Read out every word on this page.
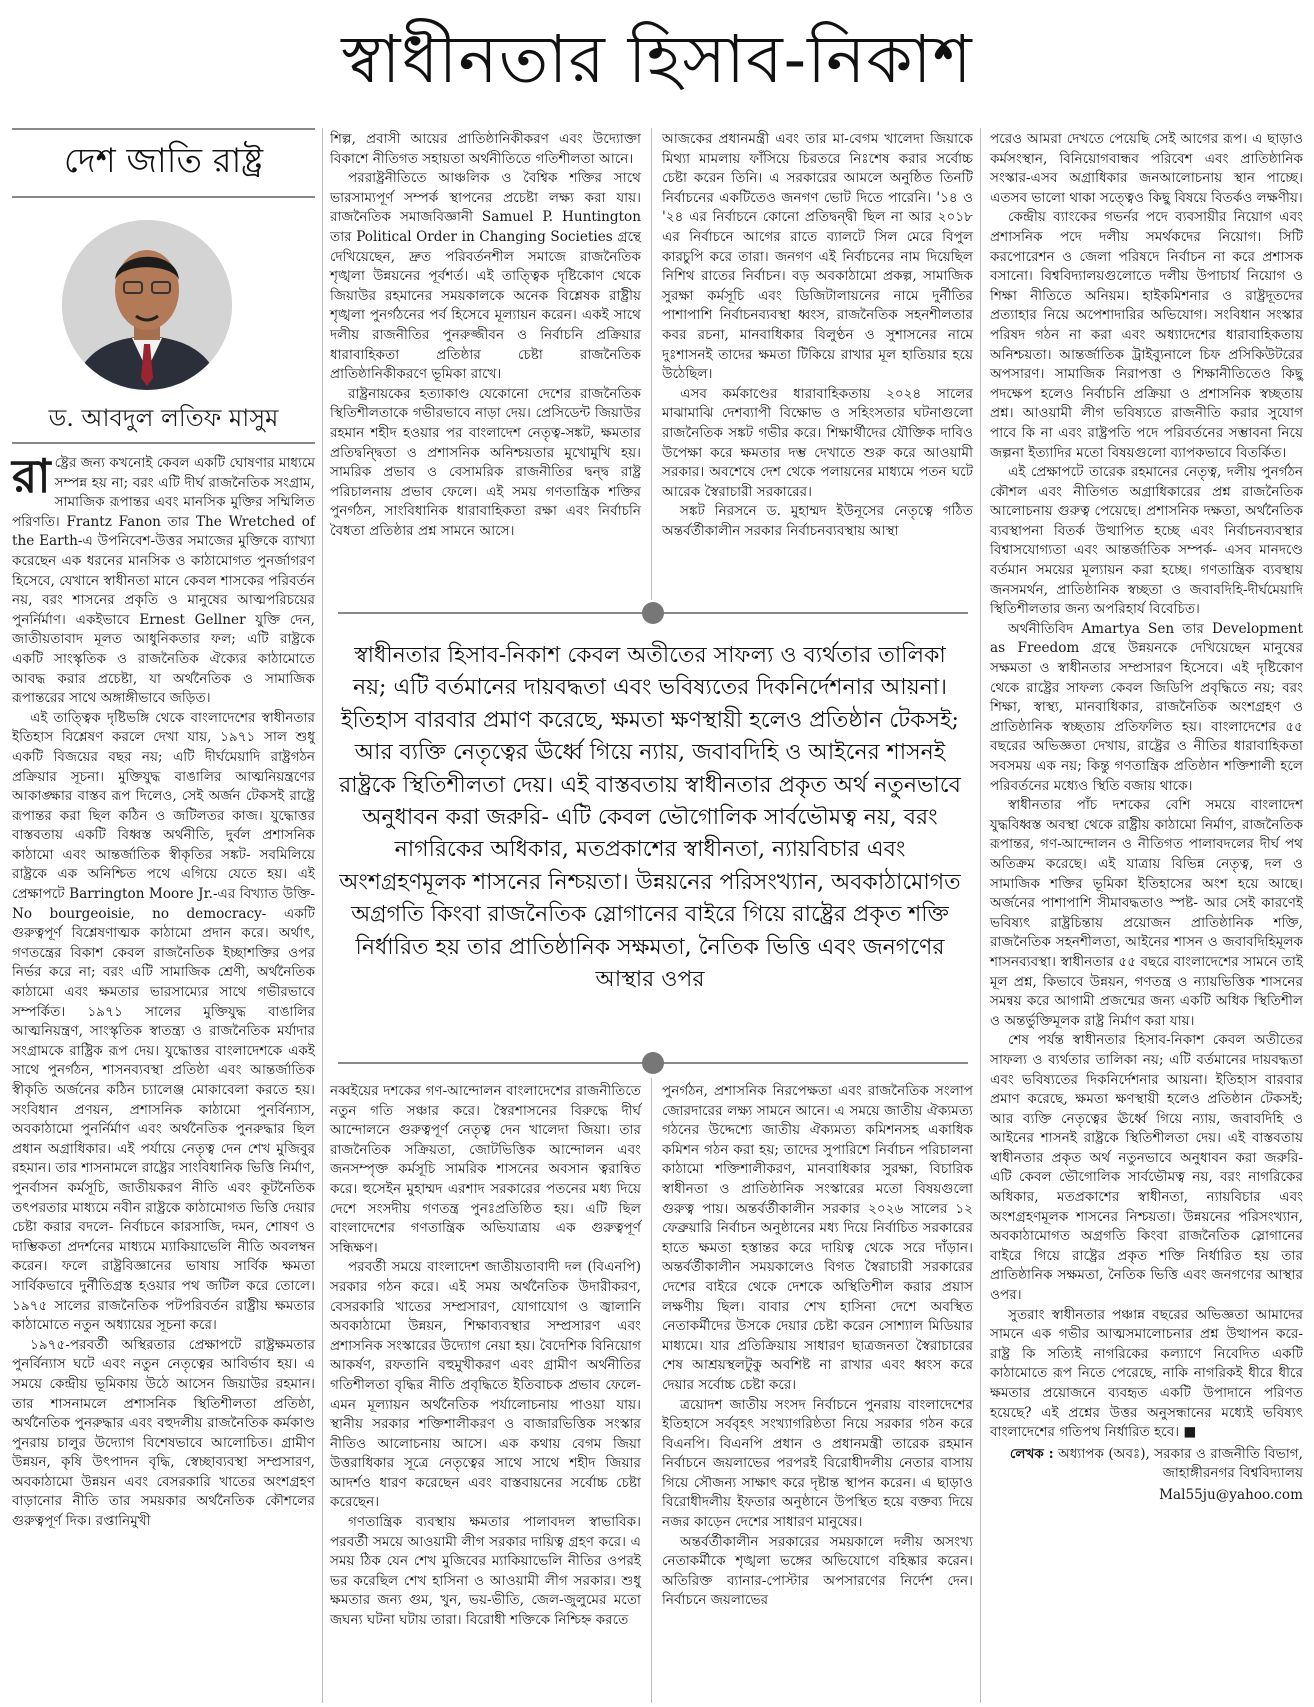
স্বাধীনতার হিসাব-নিকাশ
দেশ জাতি রাষ্ট্র
ড. আবদুল লতিফ মাসুম

রাষ্ট্রের জন্য কখনোই কেবল একটি ঘোষণার মাধ্যমে সম্পন্ন হয় না; বরং এটি দীর্ঘ রাজনৈতিক সংগ্রাম, সামাজিক রূপান্তর এবং মানসিক মুক্তির সম্মিলিত পরিণতি। Frantz Fanon তার The Wretched of the Earth-এ উপনিবেশ-উত্তর সমাজের মুক্তিকে ব্যাখ্যা করেছেন এক ধরনের মানসিক ও কাঠামোগত পুনর্জাগরণ হিসেবে, যেখানে স্বাধীনতা মানে কেবল শাসকের পরিবর্তন নয়, বরং শাসনের প্রকৃতি ও মানুষের আত্মপরিচয়ের পুনর্নির্মাণ। একইভাবে Ernest Gellner যুক্তি দেন, জাতীয়তাবাদ মূলত আধুনিকতার ফল; এটি রাষ্ট্রকে একটি সাংস্কৃতিক ও রাজনৈতিক ঐক্যের কাঠামোতে আবদ্ধ করার প্রচেষ্টা, যা অর্থনৈতিক ও সামাজিক রূপান্তরের সাথে অঙ্গাঙ্গীভাবে জড়িত।

এই তাত্ত্বিক দৃষ্টিভঙ্গি থেকে বাংলাদেশের স্বাধীনতার ইতিহাস বিশ্লেষণ করলে দেখা যায়, ১৯৭১ সাল শুধু একটি বিজয়ের বছর নয়; এটি দীর্ঘমেয়াদি রাষ্ট্রগঠন প্রক্রিয়ার সূচনা। মুক্তিযুদ্ধ বাঙালির আত্মনিয়ন্ত্রণের আকাঙ্ক্ষার বাস্তব রূপ দিলেও, সেই অর্জন টেকসই রাষ্ট্রে রূপান্তর করা ছিল কঠিন ও জটিলতর কাজ। যুদ্ধোত্তর বাস্তবতায় একটি বিধ্বস্ত অর্থনীতি, দুর্বল প্রশাসনিক কাঠামো এবং আন্তর্জাতিক স্বীকৃতির সঙ্কট- সবমিলিয়ে রাষ্ট্রকে এক অনিশ্চিত পথে এগিয়ে যেতে হয়। এই প্রেক্ষাপটে Barrington Moore Jr.-এর বিখ্যাত উক্তি- No bourgeoisie, no democracy- একটি গুরুত্বপূর্ণ বিশ্লেষণাত্মক কাঠামো প্রদান করে। অর্থাৎ, গণতন্ত্রের বিকাশ কেবল রাজনৈতিক ইচ্ছাশক্তির ওপর নির্ভর করে না; বরং এটি সামাজিক শ্রেণী, অর্থনৈতিক কাঠামো এবং ক্ষমতার ভারসাম্যের সাথে গভীরভাবে সম্পর্কিত। ১৯৭১ সালের মুক্তিযুদ্ধ বাঙালির আত্মনিয়ন্ত্রণ, সাংস্কৃতিক স্বাতন্ত্র্য ও রাজনৈতিক মর্যাদার সংগ্রামকে রাষ্ট্রিক রূপ দেয়। যুদ্ধোত্তর বাংলাদেশকে একই সাথে পুনর্গঠন, শাসনব্যবস্থা প্রতিষ্ঠা এবং আন্তর্জাতিক স্বীকৃতি অর্জনের কঠিন চ্যালেঞ্জ মোকাবেলা করতে হয়। সংবিধান প্রণয়ন, প্রশাসনিক কাঠামো পুনর্বিন্যাস, অবকাঠামো পুনর্নির্মাণ এবং অর্থনৈতিক পুনরুদ্ধার ছিল প্রধান অগ্রাধিকার। এই পর্যায়ে নেতৃত্ব দেন শেখ মুজিবুর রহমান। তার শাসনামলে রাষ্ট্রের সাংবিধানিক ভিত্তি নির্মাণ, পুনর্বাসন কর্মসূচি, জাতীয়করণ নীতি এবং কূটনৈতিক তৎপরতার মাধ্যমে নবীন রাষ্ট্রকে কাঠামোগত ভিত্তি দেয়ার চেষ্টা করার বদলে- নির্বাচনে কারসাজি, দমন, শোষণ ও দাম্ভিকতা প্রদর্শনের মাধ্যমে ম্যাকিয়াভেলি নীতি অবলম্বন করেন। ফলে রাষ্ট্রবিজ্ঞানের ভাষায় সার্বিক ক্ষমতা সার্বিকভাবে দুর্নীতিগ্রস্ত হওয়ার পথ জটিল করে তোলে। ১৯৭৫ সালের রাজনৈতিক পটপরিবর্তন রাষ্ট্রীয় ক্ষমতার কাঠামোতে নতুন অধ্যায়ের সূচনা করে।

১৯৭৫-পরবর্তী অস্থিরতার প্রেক্ষাপটে রাষ্ট্রক্ষমতার পুনর্বিন্যাস ঘটে এবং নতুন নেতৃত্বের আবির্ভাব হয়। এ সময়ে কেন্দ্রীয় ভূমিকায় উঠে আসেন জিয়াউর রহমান। তার শাসনামলে প্রশাসনিক স্থিতিশীলতা প্রতিষ্ঠা, অর্থনৈতিক পুনরুদ্ধার এবং বহুদলীয় রাজনৈতিক কর্মকাণ্ড পুনরায় চালুর উদ্যোগ বিশেষভাবে আলোচিত। গ্রামীণ উন্নয়ন, কৃষি উৎপাদন বৃদ্ধি, স্বেচ্ছাব্যবস্থা সম্প্রসারণ, অবকাঠামো উন্নয়ন এবং বেসরকারি খাতের অংশগ্রহণ বাড়ানোর নীতি তার সময়কার অর্থনৈতিক কৌশলের গুরুত্বপূর্ণ দিক। রপ্তানিমুখী

শিল্প, প্রবাসী আয়ের প্রাতিষ্ঠানিকীকরণ এবং উদ্যোক্তা বিকাশে নীতিগত সহায়তা অর্থনীতিতে গতিশীলতা আনে।

পররাষ্ট্রনীতিতে আঞ্চলিক ও বৈশ্বিক শক্তির সাথে ভারসাম্যপূর্ণ সম্পর্ক স্থাপনের প্রচেষ্টা লক্ষ্য করা যায়। রাজনৈতিক সমাজবিজ্ঞানী Samuel P. Huntington তার Political Order in Changing Societies গ্রন্থে দেখিয়েছেন, দ্রুত পরিবর্তনশীল সমাজে রাজনৈতিক শৃঙ্খলা উন্নয়নের পূর্বশর্ত। এই তাত্ত্বিক দৃষ্টিকোণ থেকে জিয়াউর রহমানের সময়কালকে অনেক বিশ্লেষক রাষ্ট্রীয় শৃঙ্খলা পুনর্গঠনের পর্ব হিসেবে মূল্যায়ন করেন। একই সাথে দলীয় রাজনীতির পুনরুজ্জীবন ও নির্বাচনি প্রক্রিয়ার ধারাবাহিকতা প্রতিষ্ঠার চেষ্টা রাজনৈতিক প্রাতিষ্ঠানিকীকরণে ভূমিকা রাখে।

রাষ্ট্রনায়কের হত্যাকাণ্ড যেকোনো দেশের রাজনৈতিক স্থিতিশীলতাকে গভীরভাবে নাড়া দেয়। প্রেসিডেন্ট জিয়াউর রহমান শহীদ হওয়ার পর বাংলাদেশ নেতৃত্ব-সঙ্কট, ক্ষমতার প্রতিদ্বন্দ্বিতা ও প্রশাসনিক অনিশ্চয়তার মুখোমুখি হয়। সামরিক প্রভাব ও বেসামরিক রাজনীতির দ্বন্দ্ব রাষ্ট্র পরিচালনায় প্রভাব ফেলে। এই সময় গণতান্ত্রিক শক্তির পুনর্গঠন, সাংবিধানিক ধারাবাহিকতা রক্ষা এবং নির্বাচনি বৈধতা প্রতিষ্ঠার প্রশ্ন সামনে আসে।

আজকের প্রধানমন্ত্রী এবং তার মা-বেগম খালেদা জিয়াকে মিথ্যা মামলায় ফাঁসিয়ে চিরতরে নিঃশেষ করার সর্বোচ্চ চেষ্টা করেন তিনি। এ সরকারের আমলে অনুষ্ঠিত তিনটি নির্বাচনের একটিতেও জনগণ ভোট দিতে পারেনি। '১৪ ও '২৪ এর নির্বাচনে কোনো প্রতিদ্বন্দ্বী ছিল না আর ২০১৮ এর নির্বাচনে আগের রাতে ব্যালটে সিল মেরে বিপুল কারচুপি করে তারা। জনগণ এই নির্বাচনের নাম দিয়েছিল নিশিথ রাতের নির্বাচন। বড় অবকাঠামো প্রকল্প, সামাজিক সুরক্ষা কর্মসূচি এবং ডিজিটালায়নের নামে দুর্নীতির পাশাপাশি নির্বাচনব্যবস্থা ধ্বংস, রাজনৈতিক সহনশীলতার কবর রচনা, মানবাধিকার বিলুণ্ঠন ও সুশাসনের নামে দুঃশাসনই তাদের ক্ষমতা টিকিয়ে রাখার মূল হাতিয়ার হয়ে উঠেছিল।

এসব কর্মকাণ্ডের ধারাবাহিকতায় ২০২৪ সালের মাঝামাঝি দেশব্যাপী বিক্ষোভ ও সহিংসতার ঘটনাগুলো রাজনৈতিক সঙ্কট গভীর করে। শিক্ষার্থীদের যৌক্তিক দাবিও উপেক্ষা করে ক্ষমতার দম্ভ দেখাতে শুরু করে আওয়ামী সরকার। অবশেষে দেশ থেকে পলায়নের মাধ্যমে পতন ঘটে আরেক স্বৈরাচারী সরকারের।

সঙ্কট নিরসনে ড. মুহাম্মদ ইউনূসের নেতৃত্বে গঠিত অন্তর্বর্তীকালীন সরকার নির্বাচনব্যবস্থায় আস্থা

স্বাধীনতার হিসাব-নিকাশ কেবল অতীতের সাফল্য ও ব্যর্থতার তালিকা নয়; এটি বর্তমানের দায়বদ্ধতা এবং ভবিষ্যতের দিকনির্দেশনার আয়না। ইতিহাস বারবার প্রমাণ করেছে, ক্ষমতা ক্ষণস্থায়ী হলেও প্রতিষ্ঠান টেকসই; আর ব্যক্তি নেতৃত্বের ঊর্ধ্বে গিয়ে ন্যায়, জবাবদিহি ও আইনের শাসনই রাষ্ট্রকে স্থিতিশীলতা দেয়। এই বাস্তবতায় স্বাধীনতার প্রকৃত অর্থ নতুনভাবে অনুধাবন করা জরুরি- এটি কেবল ভৌগোলিক সার্বভৌমত্ব নয়, বরং নাগরিকের অধিকার, মতপ্রকাশের স্বাধীনতা, ন্যায়বিচার এবং অংশগ্রহণমূলক শাসনের নিশ্চয়তা। উন্নয়নের পরিসংখ্যান, অবকাঠামোগত অগ্রগতি কিংবা রাজনৈতিক স্লোগানের বাইরে গিয়ে রাষ্ট্রের প্রকৃত শক্তি নির্ধারিত হয় তার প্রাতিষ্ঠানিক সক্ষমতা, নৈতিক ভিত্তি এবং জনগণের আস্থার ওপর

নব্বইয়ের দশকের গণ-আন্দোলন বাংলাদেশের রাজনীতিতে নতুন গতি সঞ্চার করে। স্বৈরশাসনের বিরুদ্ধে দীর্ঘ আন্দোলনে গুরুত্বপূর্ণ নেতৃত্ব দেন খালেদা জিয়া। তার রাজনৈতিক সক্রিয়তা, জোটভিত্তিক আন্দোলন এবং জনসম্পৃক্ত কর্মসূচি সামরিক শাসনের অবসান ত্বরান্বিত করে। হুসেইন মুহাম্মদ এরশাদ সরকারের পতনের মধ্য দিয়ে দেশে সংসদীয় গণতন্ত্র পুনঃপ্রতিষ্ঠিত হয়। এটি ছিল বাংলাদেশের গণতান্ত্রিক অভিযাত্রায় এক গুরুত্বপূর্ণ সন্ধিক্ষণ।

পরবর্তী সময়ে বাংলাদেশ জাতীয়তাবাদী দল (বিএনপি) সরকার গঠন করে। এই সময় অর্থনৈতিক উদারীকরণ, বেসরকারি খাতের সম্প্রসারণ, যোগাযোগ ও জ্বালানি অবকাঠামো উন্নয়ন, শিক্ষাব্যবস্থার সম্প্রসারণ এবং প্রশাসনিক সংস্কারের উদ্যোগ নেয়া হয়। বৈদেশিক বিনিয়োগ আকর্ষণ, রফতানি বহুমুখীকরণ এবং গ্রামীণ অর্থনীতির গতিশীলতা বৃদ্ধির নীতি প্রবৃদ্ধিতে ইতিবাচক প্রভাব ফেলে- এমন মূল্যায়ন অর্থনৈতিক পর্যালোচনায় পাওয়া যায়। স্থানীয় সরকার শক্তিশালীকরণ ও বাজারভিত্তিক সংস্কার নীতিও আলোচনায় আসে। এক কথায় বেগম জিয়া উত্তরাধিকার সূত্রে নেতৃত্বের সাথে সাথে শহীদ জিয়ার আদর্শও ধারণ করেছেন এবং বাস্তবায়নের সর্বোচ্চ চেষ্টা করেছেন।

গণতান্ত্রিক ব্যবস্থায় ক্ষমতার পালাবদল স্বাভাবিক। পরবর্তী সময়ে আওয়ামী লীগ সরকার দায়িত্ব গ্রহণ করে। এ সময় ঠিক যেন শেখ মুজিবের ম্যাকিয়াভেলি নীতির ওপরই ভর করেছিল শেখ হাসিনা ও আওয়ামী লীগ সরকার। শুধু ক্ষমতার জন্য গুম, খুন, ভয়-ভীতি, জেল-জুলুমের মতো জঘন্য ঘটনা ঘটায় তারা। বিরোধী শক্তিকে নিশ্চিহ্ন করতে

পুনর্গঠন, প্রশাসনিক নিরপেক্ষতা এবং রাজনৈতিক সংলাপ জোরদারের লক্ষ্য সামনে আনে। এ সময়ে জাতীয় ঐক্যমত্য গঠনের উদ্দেশ্যে জাতীয় ঐক্যমত্য কমিশনসহ একাধিক কমিশন গঠন করা হয়; তাদের সুপারিশে নির্বাচন পরিচালনা কাঠামো শক্তিশালীকরণ, মানবাধিকার সুরক্ষা, বিচারিক স্বাধীনতা ও প্রাতিষ্ঠানিক সংস্কারের মতো বিষয়গুলো গুরুত্ব পায়। অন্তর্বর্তীকালীন সরকার ২০২৬ সালের ১২ ফেব্রুয়ারি নির্বাচন অনুষ্ঠানের মধ্য দিয়ে নির্বাচিত সরকারের হাতে ক্ষমতা হস্তান্তর করে দায়িত্ব থেকে সরে দাঁড়ান। অন্তর্বর্তীকালীন সময়কালেও বিগত স্বৈরাচারী সরকারের দেশের বাইরে থেকে দেশকে অস্থিতিশীল করার প্রয়াস লক্ষণীয় ছিল। বাবার শেখ হাসিনা দেশে অবস্থিত নেতাকর্মীদের উসকে দেয়ার চেষ্টা করেন সোশ্যাল মিডিয়ার মাধ্যমে। যার প্রতিক্রিয়ায় সাধারণ ছাত্রজনতা স্বৈরাচারের শেষ আশ্রয়স্থলটুকু অবশিষ্ট না রাখার এবং ধ্বংস করে দেয়ার সর্বোচ্চ চেষ্টা করে।

ত্রয়োদশ জাতীয় সংসদ নির্বাচনে পুনরায় বাংলাদেশের ইতিহাসে সর্ববৃহৎ সংখ্যাগরিষ্ঠতা নিয়ে সরকার গঠন করে বিএনপি। বিএনপি প্রধান ও প্রধানমন্ত্রী তারেক রহমান নির্বাচনে জয়লাভের পরপরই বিরোধীদলীয় নেতার বাসায় গিয়ে সৌজন্য সাক্ষাৎ করে দৃষ্টান্ত স্থাপন করেন। এ ছাড়াও বিরোধীদলীয় ইফতার অনুষ্ঠানে উপস্থিত হয়ে বক্তব্য দিয়ে নজর কাড়েন দেশের সাধারণ মানুষের।

অন্তর্বর্তীকালীন সরকারের সময়কালে দলীয় অসংখ্য নেতাকর্মীকে শৃঙ্খলা ভঙ্গের অভিযোগে বহিষ্কার করেন। অতিরিক্ত ব্যানার-পোস্টার অপসারণের নির্দেশ দেন। নির্বাচনে জয়লাভের

পরেও আমরা দেখতে পেয়েছি সেই আগের রূপ। এ ছাড়াও কর্মসংস্থান, বিনিয়োগবান্ধব পরিবেশ এবং প্রাতিষ্ঠানিক সংস্কার-এসব অগ্রাধিকার জনআলোচনায় স্থান পাচ্ছে। এতসব ভালো থাকা সত্ত্বেও কিছু বিষয়ে বিতর্কও লক্ষণীয়।

কেন্দ্রীয় ব্যাংকের গভর্নর পদে ব্যবসায়ীর নিয়োগ এবং প্রশাসনিক পদে দলীয় সমর্থকদের নিয়োগ। সিটি করপোরেশন ও জেলা পরিষদে নির্বাচন না করে প্রশাসক বসানো। বিশ্ববিদ্যালয়গুলোতে দলীয় উপাচার্য নিয়োগ ও শিক্ষা নীতিতে অনিয়ম। হাইকমিশনার ও রাষ্ট্রদূতদের প্রত্যাহার নিয়ে অপেশাদারির অভিযোগ। সংবিধান সংস্কার পরিষদ গঠন না করা এবং অধ্যাদেশের ধারাবাহিকতায় অনিশ্চয়তা। আন্তর্জাতিক ট্রাইব্যুনালে চিফ প্রসিকিউটরের অপসারণ। সামাজিক নিরাপত্তা ও শিক্ষানীতিতেও কিছু পদক্ষেপ হলেও নির্বাচনি প্রক্রিয়া ও প্রশাসনিক স্বচ্ছতায় প্রশ্ন। আওয়ামী লীগ ভবিষ্যতে রাজনীতি করার সুযোগ পাবে কি না এবং রাষ্ট্রপতি পদে পরিবর্তনের সম্ভাবনা নিয়ে জল্পনা ইত্যাদির মতো বিষয়গুলো ব্যাপকভাবে বিতর্কিত।

এই প্রেক্ষাপটে তারেক রহমানের নেতৃত্ব, দলীয় পুনর্গঠন কৌশল এবং নীতিগত অগ্রাধিকারের প্রশ্ন রাজনৈতিক আলোচনায় গুরুত্ব পেয়েছে। প্রশাসনিক দক্ষতা, অর্থনৈতিক ব্যবস্থাপনা বিতর্ক উত্থাপিত হচ্ছে এবং নির্বাচনব্যবস্থার বিশ্বাসযোগ্যতা এবং আন্তর্জাতিক সম্পর্ক- এসব মানদণ্ডে বর্তমান সময়ের মূল্যায়ন করা হচ্ছে। গণতান্ত্রিক ব্যবস্থায় জনসমর্থন, প্রাতিষ্ঠানিক স্বচ্ছতা ও জবাবদিহি-দীর্ঘমেয়াদি স্থিতিশীলতার জন্য অপরিহার্য বিবেচিত।

অর্থনীতিবিদ Amartya Sen তার Development as Freedom গ্রন্থে উন্নয়নকে দেখিয়েছেন মানুষের সক্ষমতা ও স্বাধীনতার সম্প্রসারণ হিসেবে। এই দৃষ্টিকোণ থেকে রাষ্ট্রের সাফল্য কেবল জিডিপি প্রবৃদ্ধিতে নয়; বরং শিক্ষা, স্বাস্থ্য, মানবাধিকার, রাজনৈতিক অংশগ্রহণ ও প্রাতিষ্ঠানিক স্বচ্ছতায় প্রতিফলিত হয়। বাংলাদেশের ৫৫ বছরের অভিজ্ঞতা দেখায়, রাষ্ট্রের ও নীতির ধারাবাহিকতা সবসময় এক নয়; কিন্তু গণতান্ত্রিক প্রতিষ্ঠান শক্তিশালী হলে পরিবর্তনের মধ্যেও স্থিতি বজায় থাকে।

স্বাধীনতার পাঁচ দশকের বেশি সময়ে বাংলাদেশ যুদ্ধবিধ্বস্ত অবস্থা থেকে রাষ্ট্রীয় কাঠামো নির্মাণ, রাজনৈতিক রূপান্তর, গণ-আন্দোলন ও নীতিগত পালাবদলের দীর্ঘ পথ অতিক্রম করেছে। এই যাত্রায় বিভিন্ন নেতৃত্ব, দল ও সামাজিক শক্তির ভূমিকা ইতিহাসের অংশ হয়ে আছে। অর্জনের পাশাপাশি সীমাবদ্ধতাও স্পষ্ট- আর সেই কারণেই ভবিষ্যৎ রাষ্ট্রচিন্তায় প্রয়োজন প্রাতিষ্ঠানিক শক্তি, রাজনৈতিক সহনশীলতা, আইনের শাসন ও জবাবদিহিমূলক শাসনব্যবস্থা। স্বাধীনতার ৫৫ বছরে বাংলাদেশের সামনে তাই মূল প্রশ্ন, কিভাবে উন্নয়ন, গণতন্ত্র ও ন্যায়ভিত্তিক শাসনের সমন্বয় করে আগামী প্রজন্মের জন্য একটি অধিক স্থিতিশীল ও অন্তর্ভুক্তিমূলক রাষ্ট্র নির্মাণ করা যায়।

শেষ পর্যন্ত স্বাধীনতার হিসাব-নিকাশ কেবল অতীতের সাফল্য ও ব্যর্থতার তালিকা নয়; এটি বর্তমানের দায়বদ্ধতা এবং ভবিষ্যতের দিকনির্দেশনার আয়না। ইতিহাস বারবার প্রমাণ করেছে, ক্ষমতা ক্ষণস্থায়ী হলেও প্রতিষ্ঠান টেকসই; আর ব্যক্তি নেতৃত্বের ঊর্ধ্বে গিয়ে ন্যায়, জবাবদিহি ও আইনের শাসনই রাষ্ট্রকে স্থিতিশীলতা দেয়। এই বাস্তবতায় স্বাধীনতার প্রকৃত অর্থ নতুনভাবে অনুধাবন করা জরুরি- এটি কেবল ভৌগোলিক সার্বভৌমত্ব নয়, বরং নাগরিকের অধিকার, মতপ্রকাশের স্বাধীনতা, ন্যায়বিচার এবং অংশগ্রহণমূলক শাসনের নিশ্চয়তা। উন্নয়নের পরিসংখ্যান, অবকাঠামোগত অগ্রগতি কিংবা রাজনৈতিক স্লোগানের বাইরে গিয়ে রাষ্ট্রের প্রকৃত শক্তি নির্ধারিত হয় তার প্রাতিষ্ঠানিক সক্ষমতা, নৈতিক ভিত্তি এবং জনগণের আস্থার ওপর।

সুতরাং স্বাধীনতার পঞ্চান্ন বছরের অভিজ্ঞতা আমাদের সামনে এক গভীর আত্মসমালোচনার প্রশ্ন উত্থাপন করে- রাষ্ট্র কি সত্যিই নাগরিকের কল্যাণে নিবেদিত একটি কাঠামোতে রূপ নিতে পেরেছে, নাকি নাগরিকই ধীরে ধীরে ক্ষমতার প্রয়োজনে ব্যবহৃত একটি উপাদানে পরিণত হয়েছে? এই প্রশ্নের উত্তর অনুসন্ধানের মধ্যেই ভবিষ্যৎ বাংলাদেশের গতিপথ নির্ধারিত হবে। ■

লেখক : অধ্যাপক (অবঃ), সরকার ও রাজনীতি বিভাগ, জাহাঙ্গীরনগর বিশ্ববিদ্যালয়
Mal55ju@yahoo.com
